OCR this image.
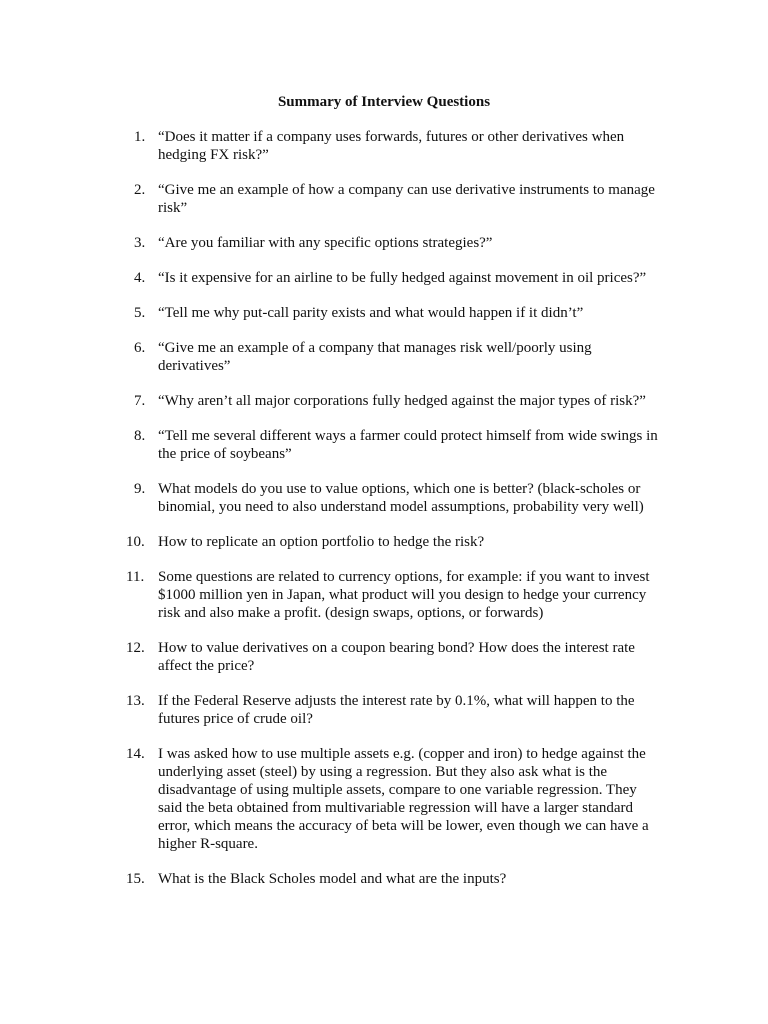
Summary of Interview Questions
1. “Does it matter if a company uses forwards, futures or other derivatives when hedging FX risk?”
2. “Give me an example of how a company can use derivative instruments to manage risk”
3. “Are you familiar with any specific options strategies?”
4. “Is it expensive for an airline to be fully hedged against movement in oil prices?”
5. “Tell me why put-call parity exists and what would happen if it didn’t”
6. “Give me an example of a company that manages risk well/poorly using derivatives”
7. “Why aren’t all major corporations fully hedged against the major types of risk?”
8. “Tell me several different ways a farmer could protect himself from wide swings in the price of soybeans”
9. What models do you use to value options, which one is better? (black-scholes or binomial, you need to also understand model assumptions, probability very well)
10. How to replicate an option portfolio to hedge the risk?
11. Some questions are related to currency options, for example: if you want to invest $1000 million yen in Japan, what product will you design to hedge your currency risk and also make a profit. (design swaps, options, or forwards)
12. How to value derivatives on a coupon bearing bond? How does the interest rate affect the price?
13. If the Federal Reserve adjusts the interest rate by 0.1%, what will happen to the futures price of crude oil?
14. I was asked how to use multiple assets e.g. (copper and iron) to hedge against the underlying asset (steel) by using a regression. But they also ask what is the disadvantage of using multiple assets, compare to one variable regression. They said the beta obtained from multivariable regression will have a larger standard error, which means the accuracy of beta will be lower, even though we can have a higher R-square.
15. What is the Black Scholes model and what are the inputs?
